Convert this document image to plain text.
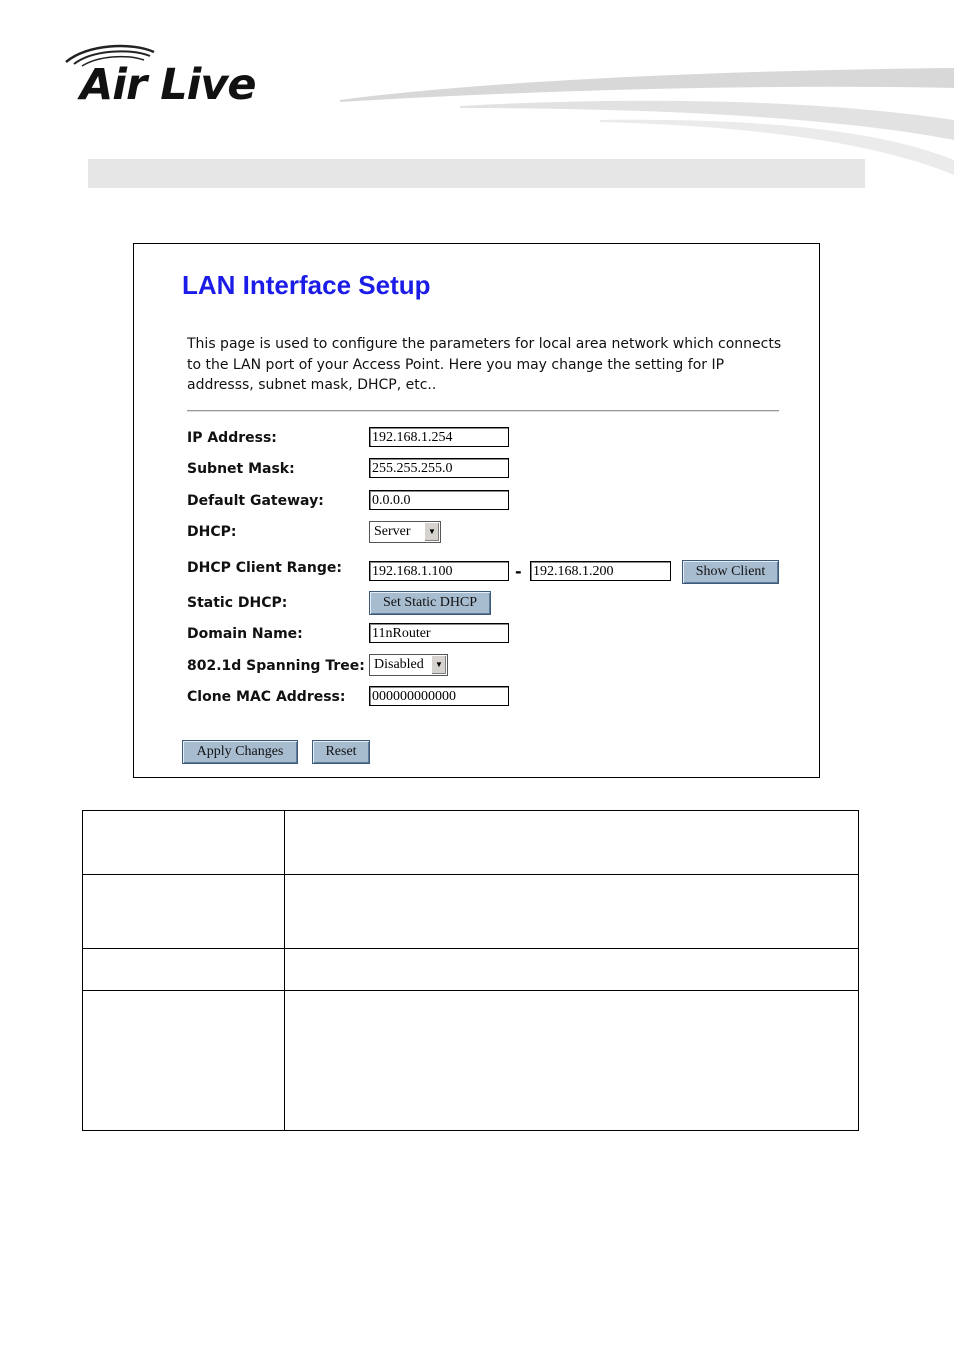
Air Live
LAN Interface Setup
This page is used to configure the parameters for local area network which connects to the LAN port of your Access Point. Here you may change the setting for IP addresss, subnet mask, DHCP, etc..
IP Address:	192.168.1.254
Subnet Mask:	255.255.255.0
Default Gateway:	0.0.0.0
DHCP:	Server	▼
DHCP Client Range: 192.168.1.100	- 192.168.1.200	Show Client
Static DHCP:	Set Static DHCP
Domain Name:	11nRouter
802.1d Spanning Tree: Disabled	▼
Clone MAC Address: 000000000000
Apply Changes	Reset
